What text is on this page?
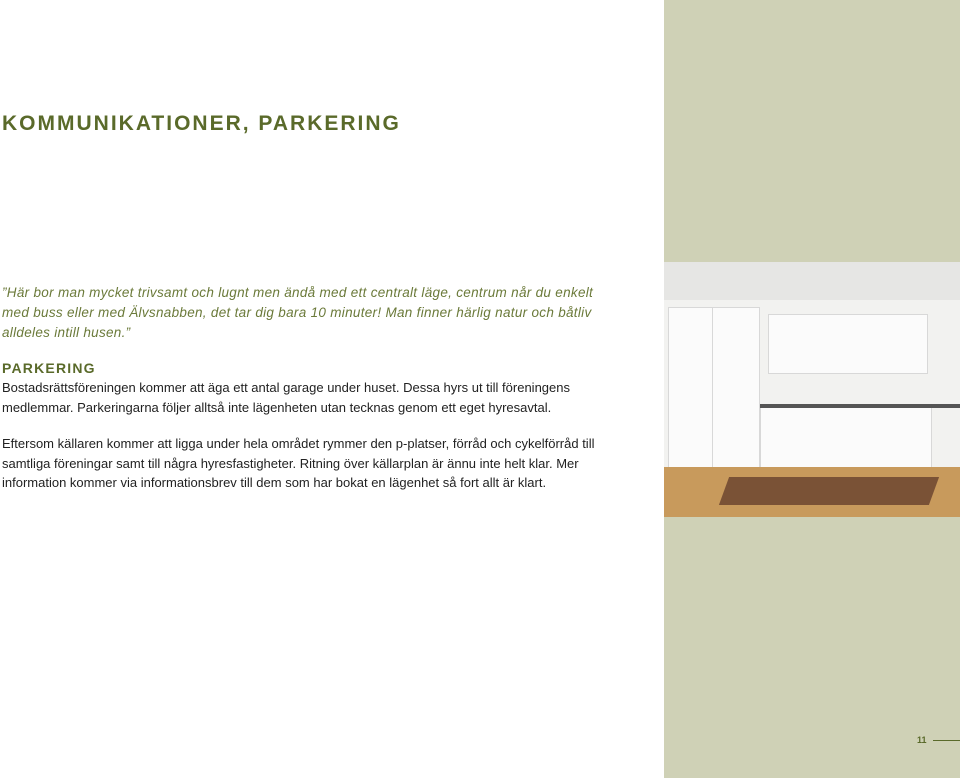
KOMMUNIKATIONER, PARKERING
”Här bor man mycket trivsamt och lugnt men ändå med ett centralt läge, centrum når du enkelt med buss eller med Älvsnabben, det tar dig bara 10 minuter! Man finner härlig natur och båtliv alldeles intill husen.”
PARKERING
Bostadsrättsföreningen kommer att äga ett antal garage under huset. Dessa hyrs ut till föreningens medlemmar. Parkeringarna följer alltså inte lägenheten utan tecknas genom ett eget hyresavtal.
Eftersom källaren kommer att ligga under hela området rymmer den p-platser, förråd och cykelförråd till samtliga föreningar samt till några hyresfastigheter. Ritning över källarplan är ännu inte helt klar. Mer information kommer via informationsbrev till dem som har bokat en lägenhet så fort allt är klart.
11
